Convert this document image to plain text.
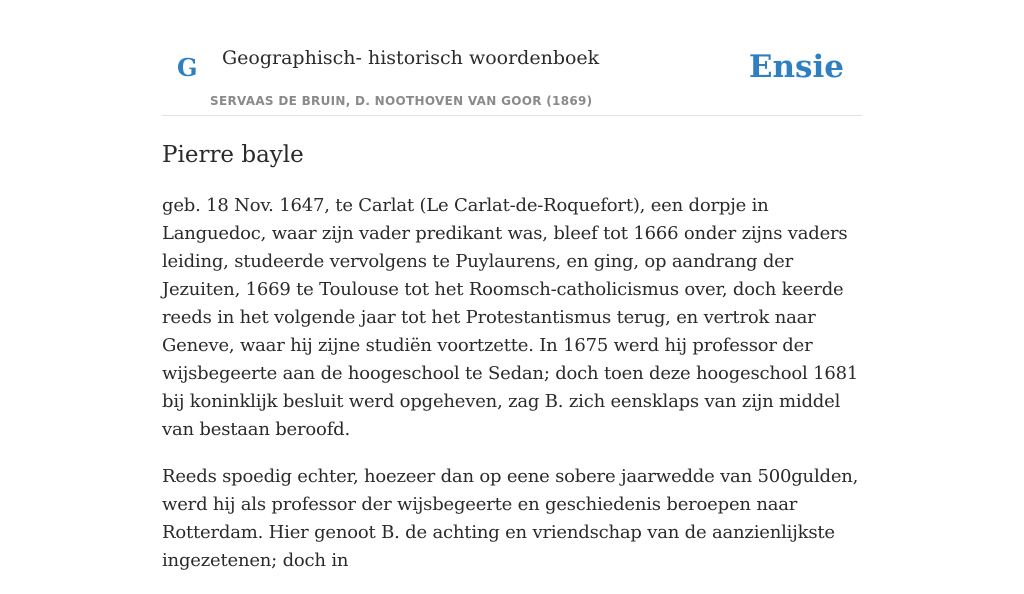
G Geographisch- historisch woordenboek
SERVAAS DE BRUIN, D. NOOTHOVEN VAN GOOR (1869)
Ensie
Pierre bayle

geb. 18 Nov. 1647, te Carlat (Le Carlat-de-Roquefort), een dorpje in Languedoc, waar zijn vader predikant was, bleef tot 1666 onder zijns vaders leiding, studeerde vervolgens te Puylaurens, en ging, op aandrang der Jezuiten, 1669 te Toulouse tot het Roomsch-catholicismus over, doch keerde reeds in het volgende jaar tot het Protestantismus terug, en vertrok naar Geneve, waar hij zijne studiën voortzette. In 1675 werd hij professor der wijsbegeerte aan de hoogeschool te Sedan; doch toen deze hoogeschool 1681 bij koninklijk besluit werd opgeheven, zag B. zich eensklaps van zijn middel van bestaan beroofd.

Reeds spoedig echter, hoezeer dan op eene sobere jaarwedde van 500gulden, werd hij als professor der wijsbegeerte en geschiedenis beroepen naar Rotterdam. Hier genoot B. de achting en vriendschap van de aanzienlijkste ingezetenen; doch in
